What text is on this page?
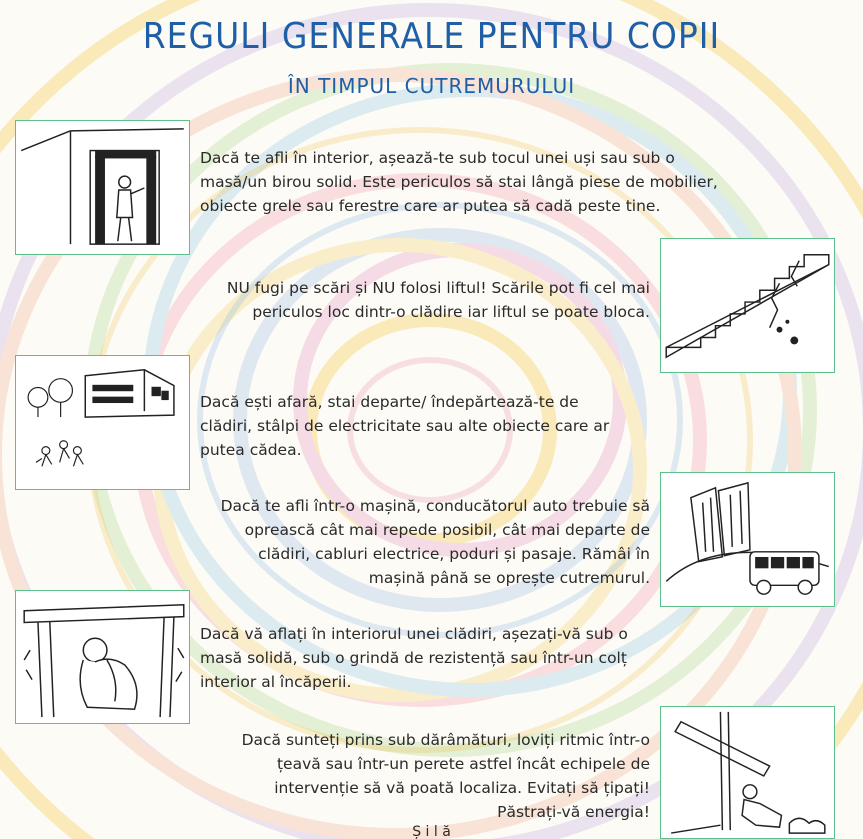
REGULI GENERALE PENTRU COPII
ÎN TIMPUL CUTREMURULUI
Dacă te afli în interior, așează-te sub tocul unei uși sau sub o masă/un birou solid. Este periculos să stai lângă piese de mobilier, obiecte grele sau ferestre care ar putea să cadă peste tine.
NU fugi pe scări și NU folosi liftul! Scările pot fi cel mai periculos loc dintr-o clădire iar liftul se poate bloca.
Dacă ești afară, stai departe/ îndepărtează-te de clădiri, stâlpi de electricitate sau alte obiecte care ar putea cădea.
Dacă te afli într-o mașină, conducătorul auto trebuie să oprească cât mai repede posibil, cât mai departe de clădiri, cabluri electrice, poduri și pasaje. Rămâi în mașină până se oprește cutremurul.
Dacă vă aflați în interiorul unei clădiri, așezați-vă sub o masă solidă, sub o grindă de rezistență sau într-un colț interior al încăperii.
Dacă sunteți prins sub dărâmături, loviți ritmic într-o țeavă sau într-un perete astfel încât echipele de intervenție să vă poată localiza. Evitați să țipați! Păstrați-vă energia!
Ș i l ă
